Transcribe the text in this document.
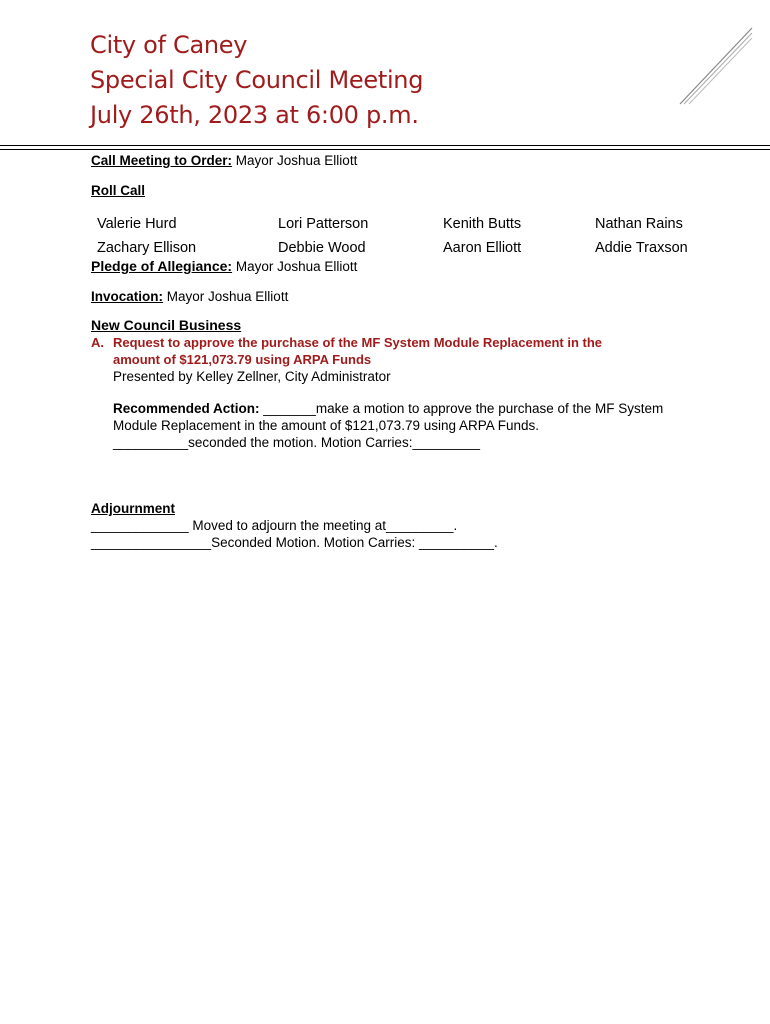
City of Caney
Special City Council Meeting
July 26th, 2023 at 6:00 p.m.
Call Meeting to Order: Mayor Joshua Elliott
Roll Call
Valerie Hurd	Lori Patterson	Kenith Butts	Nathan Rains
Zachary Ellison	Debbie Wood	Aaron Elliott	Addie Traxson
Pledge of Allegiance: Mayor Joshua Elliott
Invocation: Mayor Joshua Elliott
New Council Business
A. Request to approve the purchase of the MF System Module Replacement in the
amount of $121,073.79 using ARPA Funds
Presented by Kelley Zellner, City Administrator
Recommended Action: _______make a motion to approve the purchase of the MF System
Module Replacement in the amount of $121,073.79 using ARPA Funds.
__________seconded the motion. Motion Carries:_________
Adjournment
_____________ Moved to adjourn the meeting at_________.
________________Seconded Motion. Motion Carries: __________.
